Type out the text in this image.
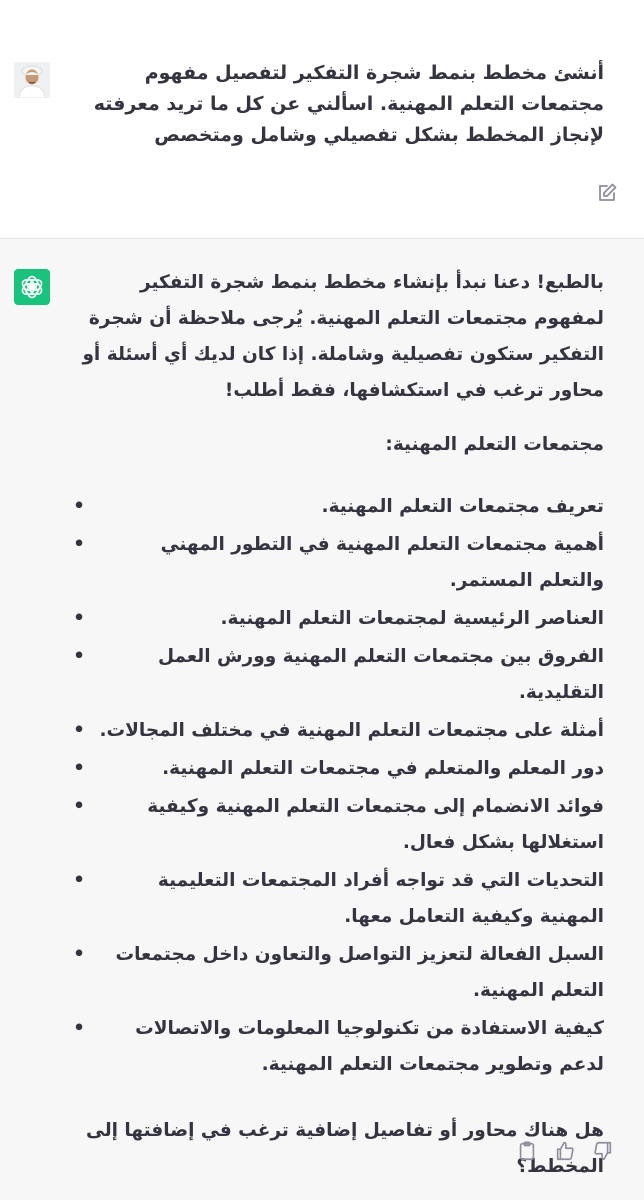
أنشئ مخطط بنمط شجرة التفكير لتفصيل مفهوم مجتمعات التعلم المهنية. اسألني عن كل ما تريد معرفته لإنجاز المخطط بشكل تفصيلي وشامل ومتخصص

بالطبع! دعنا نبدأ بإنشاء مخطط بنمط شجرة التفكير لمفهوم مجتمعات التعلم المهنية. يُرجى ملاحظة أن شجرة التفكير ستكون تفصيلية وشاملة. إذا كان لديك أي أسئلة أو محاور ترغب في استكشافها، فقط أطلب!

مجتمعات التعلم المهنية:

•	تعريف مجتمعات التعلم المهنية.
•	أهمية مجتمعات التعلم المهنية في التطور المهني والتعلم المستمر.
•	العناصر الرئيسية لمجتمعات التعلم المهنية.
•	الفروق بين مجتمعات التعلم المهنية وورش العمل التقليدية.
• أمثلة على مجتمعات التعلم المهنية في مختلف المجالات.
•	دور المعلم والمتعلم في مجتمعات التعلم المهنية.
•	فوائد الانضمام إلى مجتمعات التعلم المهنية وكيفية استغلالها بشكل فعال.
•	التحديات التي قد تواجه أفراد المجتمعات التعليمية المهنية وكيفية التعامل معها.
• السبل الفعالة لتعزيز التواصل والتعاون داخل مجتمعات التعلم المهنية.
•	كيفية الاستفادة من تكنولوجيا المعلومات والاتصالات لدعم وتطوير مجتمعات التعلم المهنية.

هل هناك محاور أو تفاصيل إضافية ترغب في إضافتها إلى المخطط؟
